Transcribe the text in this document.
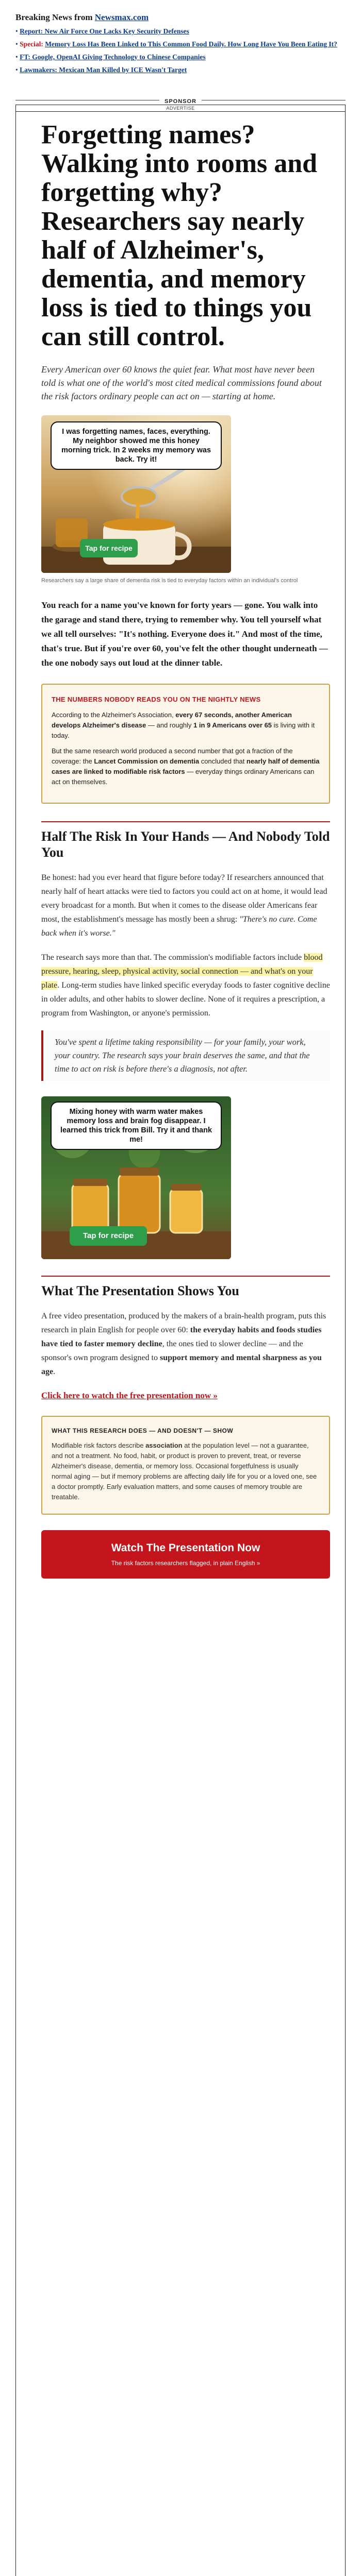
Breaking News from Newsmax.com
• Report: New Air Force One Lacks Key Security Defenses
• Special: Memory Loss Has Been Linked to This Common Food Daily. How Long Have You Been Eating It?
• FT: Google, OpenAI Giving Technology to Chinese Companies
• Lawmakers: Mexican Man Killed by ICE Wasn't Target
SPONSOR
ADVERTISE
Forgetting names? Walking into rooms and forgetting why? Researchers say nearly half of Alzheimer's, dementia, and memory loss is tied to things you can still control.
Every American over 60 knows the quiet fear. What most have never been told is what one of the world's most cited medical commissions found about the risk factors ordinary people can act on — starting at home.
I was forgetting names, faces, everything. My neighbor showed me this honey morning trick. In 2 weeks my memory was back. Try it!
Tap for recipe
Researchers say a large share of dementia risk is tied to everyday factors within an individual's control

You reach for a name you've known for forty years — gone. You walk into the garage and stand there, trying to remember why. You tell yourself what we all tell ourselves: "It's nothing. Everyone does it." And most of the time, that's true. But if you're over 60, you've felt the other thought underneath — the one nobody says out loud at the dinner table.

THE NUMBERS NOBODY READS YOU ON THE NIGHTLY NEWS

According to the Alzheimer's Association, every 67 seconds, another American develops Alzheimer's disease — and roughly 1 in 9 Americans over 65 is living with it today.

But the same research world produced a second number that got a fraction of the coverage: the Lancet Commission on dementia concluded that nearly half of dementia cases are linked to modifiable risk factors — everyday things ordinary Americans can act on themselves.

Half The Risk In Your Hands — And Nobody Told You

Be honest: had you ever heard that figure before today? If researchers announced that nearly half of heart attacks were tied to factors you could act on at home, it would lead every broadcast for a month. But when it comes to the disease older Americans fear most, the establishment's message has mostly been a shrug: "There's no cure. Come back when it's worse."

The research says more than that. The commission's modifiable factors include blood pressure, hearing, sleep, physical activity, social connection — and what's on your plate. Long-term studies have linked specific everyday foods to faster cognitive decline in older adults, and other habits to slower decline. None of it requires a prescription, a program from Washington, or anyone's permission.

You've spent a lifetime taking responsibility — for your family, your work, your country. The research says your brain deserves the same, and that the time to act on risk is before there's a diagnosis, not after.
Mixing honey with warm water makes memory loss and brain fog disappear. I learned this trick from Bill. Try it and thank me!
Tap for recipe
What The Presentation Shows You

A free video presentation, produced by the makers of a brain-health program, puts this research in plain English for people over 60: the everyday habits and foods studies have tied to faster memory decline, the ones tied to slower decline — and the sponsor's own program designed to support memory and mental sharpness as you age.

Click here to watch the free presentation now »
WHAT THIS RESEARCH DOES — AND DOESN'T — SHOW

Modifiable risk factors describe association at the population level — not a guarantee, and not a treatment. No food, habit, or product is proven to prevent, treat, or reverse Alzheimer's disease, dementia, or memory loss. Occasional forgetfulness is usually normal aging — but if memory problems are affecting daily life for you or a loved one, see a doctor promptly. Early evaluation matters, and some causes of memory trouble are treatable.

Watch The Presentation Now
The risk factors researchers flagged, in plain English »
